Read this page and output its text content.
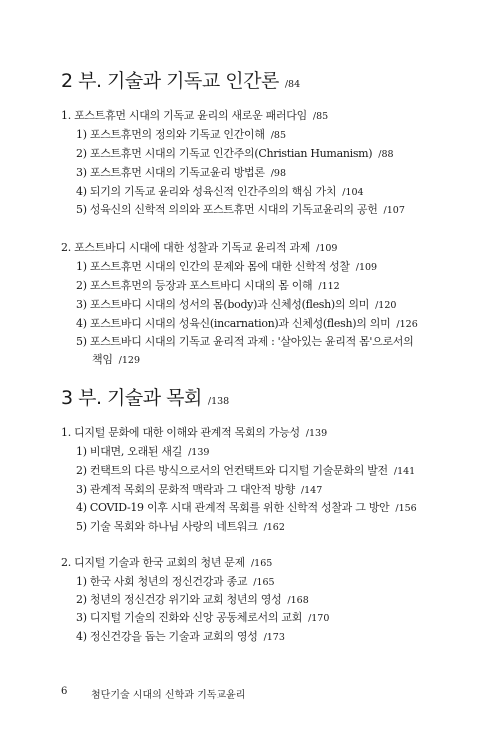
2 부. 기술과 기독교 인간론 /84
1. 포스트휴먼 시대의 기독교 윤리의 새로운 패러다임 /85
1) 포스트휴먼의 정의와 기독교 인간이해 /85
2) 포스트휴먼 시대의 기독교 인간주의(Christian Humanism) /88
3) 포스트휴먼 시대의 기독교윤리 방법론 /98
4) 되기의 기독교 윤리와 성육신적 인간주의의 핵심 가치 /104
5) 성육신의 신학적 의의와 포스트휴먼 시대의 기독교윤리의 공헌 /107
2. 포스트바디 시대에 대한 성찰과 기독교 윤리적 과제 /109
1) 포스트휴먼 시대의 인간의 문제와 몸에 대한 신학적 성찰 /109
2) 포스트휴먼의 등장과 포스트바디 시대의 몸 이해 /112
3) 포스트바디 시대의 성서의 몸(body)과 신체성(flesh)의 의미 /120
4) 포스트바디 시대의 성육신(incarnation)과 신체성(flesh)의 의미 /126
5) 포스트바디 시대의 기독교 윤리적 과제 : '살아있는 윤리적 몸'으로서의
책임 /129
3 부. 기술과 목회 /138
1. 디지털 문화에 대한 이해와 관계적 목회의 가능성 /139
1) 비대면, 오래된 새길 /139
2) 컨택트의 다른 방식으로서의 언컨택트와 디지털 기술문화의 발전 /141
3) 관계적 목회의 문화적 맥락과 그 대안적 방향 /147
4) COVID-19 이후 시대 관계적 목회를 위한 신학적 성찰과 그 방안 /156
5) 기술 목회와 하나님 사랑의 네트워크 /162
2. 디지털 기술과 한국 교회의 청년 문제 /165
1) 한국 사회 청년의 정신건강과 종교 /165
2) 청년의 정신건강 위기와 교회 청년의 영성 /168
3) 디지털 기술의 진화와 신앙 공동체로서의 교회 /170
4) 정신건강을 돕는 기술과 교회의 영성 /173
6 첨단기술 시대의 신학과 기독교윤리
